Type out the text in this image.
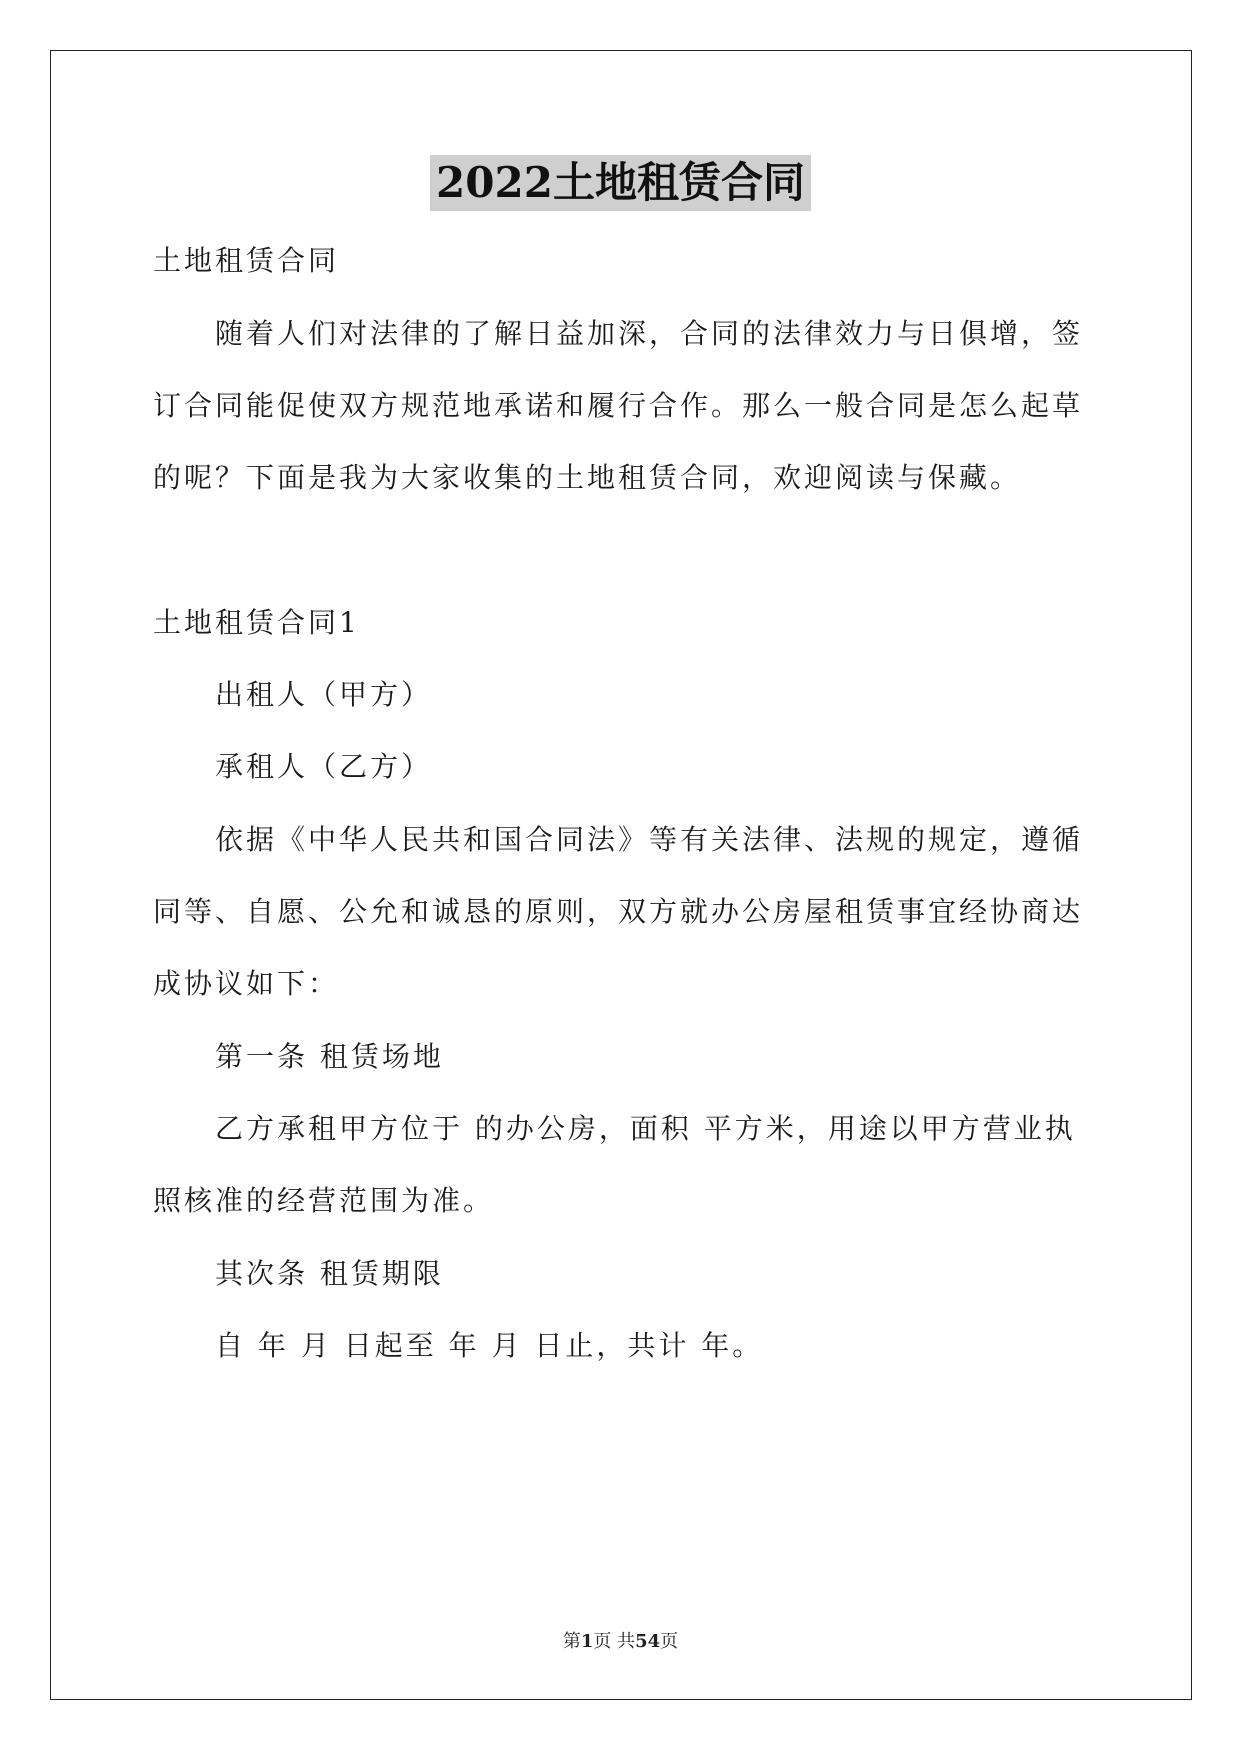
2022土地租赁合同
土地租赁合同
随着人们对法律的了解日益加深，合同的法律效力与日俱增，签
订合同能促使双方规范地承诺和履行合作。那么一般合同是怎么起草
的呢？下面是我为大家收集的土地租赁合同，欢迎阅读与保藏。
土地租赁合同1
出租人（甲方）
承租人（乙方）
依据《中华人民共和国合同法》等有关法律、法规的规定，遵循
同等、自愿、公允和诚恳的原则，双方就办公房屋租赁事宜经协商达
成协议如下：
第一条 租赁场地
乙方承租甲方位于 的办公房，面积 平方米，用途以甲方营业执
照核准的经营范围为准。
其次条 租赁期限
自 年 月 日起至 年 月 日止，共计 年。
第1页 共54页
